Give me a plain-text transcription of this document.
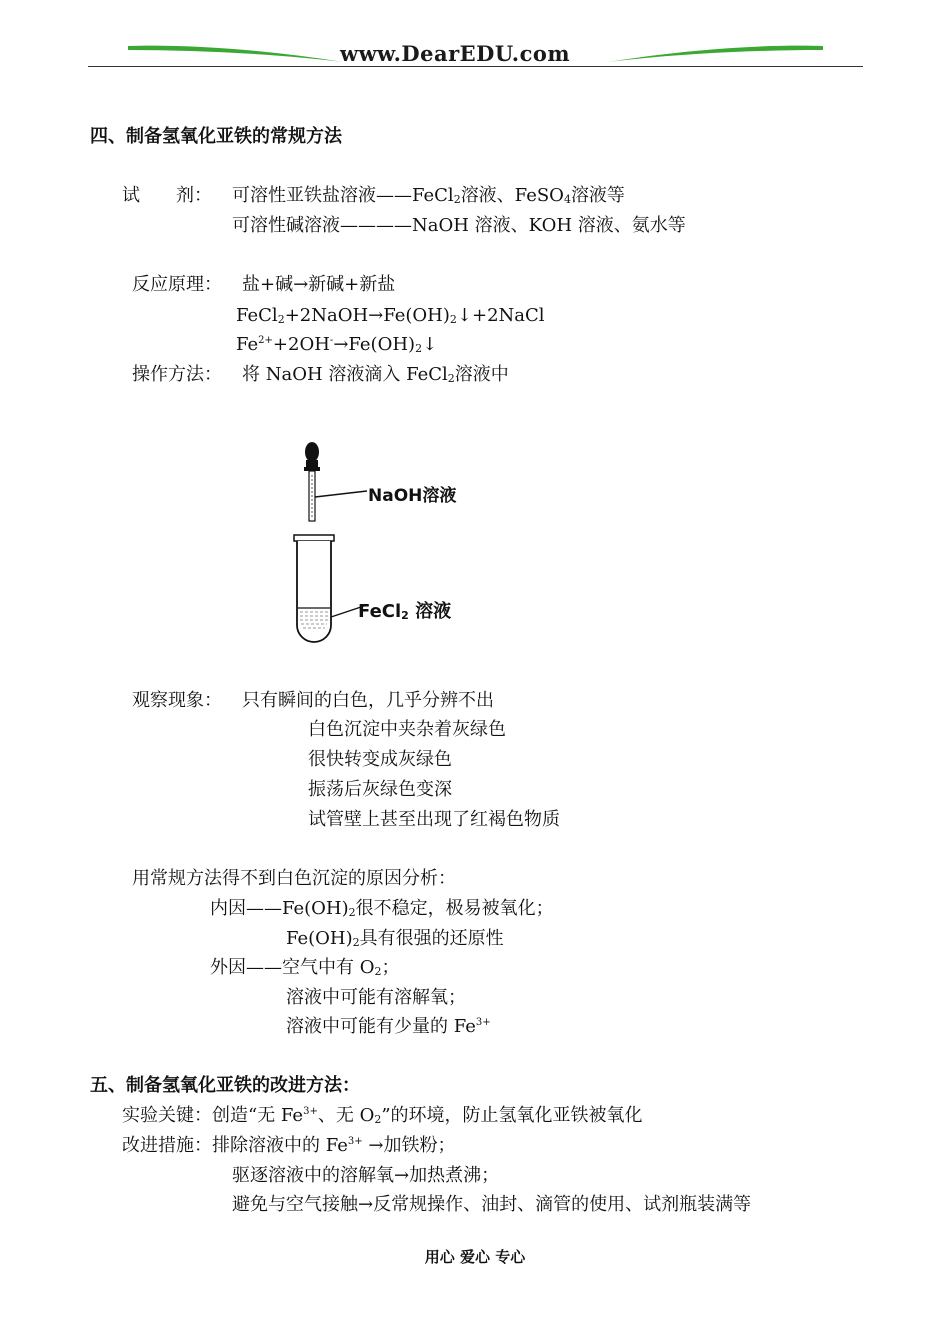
www.DearEDU.com
四、制备氢氧化亚铁的常规方法
试　　剂： 可溶性亚铁盐溶液——FeCl$_2$溶液、FeSO$_4$溶液等
可溶性碱溶液————NaOH 溶液、KOH 溶液、氨水等
反应原理： 盐+碱→新碱+新盐
$FeCl_2+2NaOH\to Fe(OH)_2↓+2NaCl$
$Fe^{2+}+2OH^-\to Fe(OH)_2↓$
操作方法： 将 NaOH 溶液滴入 FeCl$_2$溶液中
NaOH溶液
FeCl$_2$ 溶液
观察现象： 只有瞬间的白色，几乎分辨不出
白色沉淀中夹杂着灰绿色
很快转变成灰绿色
振荡后灰绿色变深
试管壁上甚至出现了红褐色物质
用常规方法得不到白色沉淀的原因分析：
内因$——Fe(OH)_2$很不稳定，极易被氧化；
$Fe(OH)_2$具有很强的还原性
外因——空气中有 $O_2$；
溶液中可能有溶解氧；
溶液中可能有少量的 $Fe^{3+}$
五、制备氢氧化亚铁的改进方法：
实验关键：创造“无 $Fe^{3+}$、无 $O_2$”的环境，防止氢氧化亚铁被氧化
改进措施：排除溶液中的 $Fe^{3+}$ →加铁粉；
驱逐溶液中的溶解氧→加热煮沸；
避免与空气接触→反常规操作、油封、滴管的使用、试剂瓶装满等
用心 爱心 专心
